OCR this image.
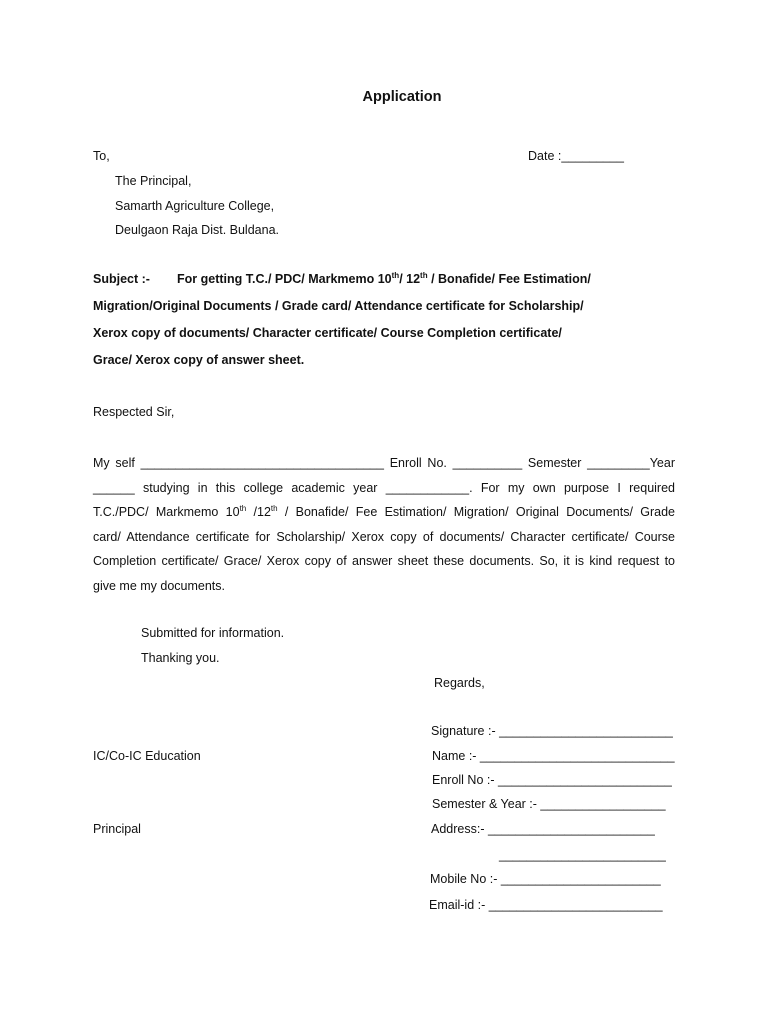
Application
To,	Date :_________
The Principal,
Samarth Agriculture College,
Deulgaon Raja Dist. Buldana.
Subject :- For getting T.C./ PDC/ Markmemo 10th/ 12th / Bonafide/ Fee Estimation/
Migration/Original Documents / Grade card/ Attendance certificate for Scholarship/
Xerox copy of documents/ Character certificate/ Course Completion certificate/
Grace/ Xerox copy of answer sheet.
Respected Sir,
My self ___________________________________ Enroll No. __________ Semester _________Year
______ studying in this college academic year ____________. For my own purpose I required
T.C./PDC/ Markmemo 10th /12th / Bonafide/ Fee Estimation/ Migration/ Original Documents/ Grade
card/ Attendance certificate for Scholarship/ Xerox copy of documents/ Character certificate/ Course
Completion certificate/ Grace/ Xerox copy of answer sheet these documents. So, it is kind request to
give me my documents.
Submitted for information.
Thanking you.
Regards,
Signature :- _________________________
Name :- ____________________________
Enroll No :- _________________________
Semester & Year :- __________________
Address:- ________________________
________________________
Mobile No :- _______________________
Email-id :- _________________________
IC/Co-IC Education
Principal
